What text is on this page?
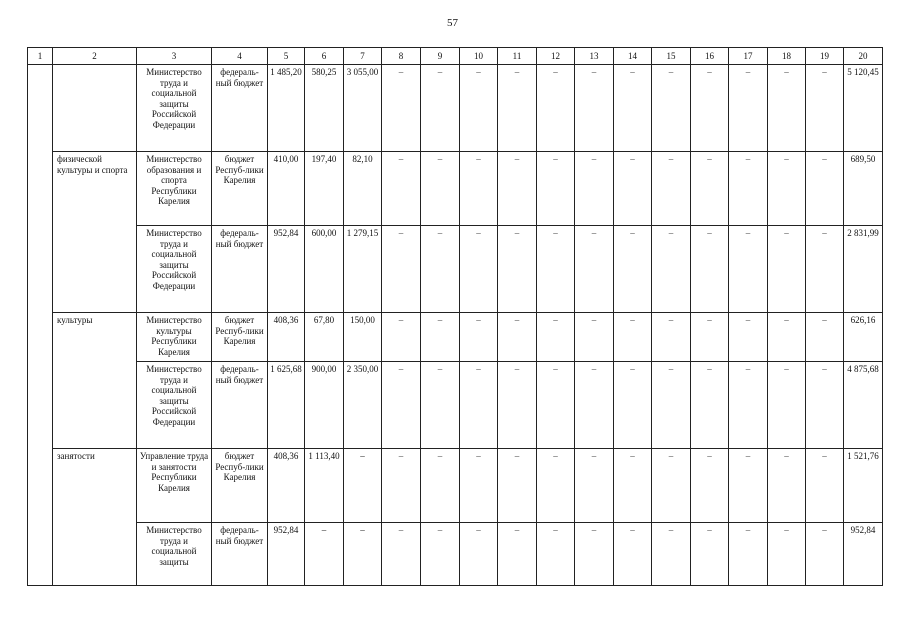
57
1	2	3	4	5	6	7	8	9	10	11	12	13	14	15	16	17	18	19	20
		Министерство труда и социальной защиты Российской Федерации	федераль-ный бюджет	1 485,20	580,25	3 055,00	–	–	–	–	–	–	–	–	–	–	–	–	5 120,45
	физической культуры и спорта	Министерство образования и спорта Республики Карелия	бюджет Респуб-лики Карелия	410,00	197,40	82,10	–	–	–	–	–	–	–	–	–	–	–	–	689,50
		Министерство труда и социальной защиты Российской Федерации	федераль-ный бюджет	952,84	600,00	1 279,15	–	–	–	–	–	–	–	–	–	–	–	–	2 831,99
	культуры	Министерство культуры Республики Карелия	бюджет Респуб-лики Карелия	408,36	67,80	150,00	–	–	–	–	–	–	–	–	–	–	–	–	626,16
		Министерство труда и социальной защиты Российской Федерации	федераль-ный бюджет	1 625,68	900,00	2 350,00	–	–	–	–	–	–	–	–	–	–	–	–	4 875,68
	занятости	Управление труда и занятости Республики Карелия	бюджет Респуб-лики Карелия	408,36	1 113,40	–	–	–	–	–	–	–	–	–	–	–	–	–	1 521,76
		Министерство труда и социальной защиты	федераль-ный бюджет	952,84	–	–	–	–	–	–	–	–	–	–	–	–	–	–	952,84
